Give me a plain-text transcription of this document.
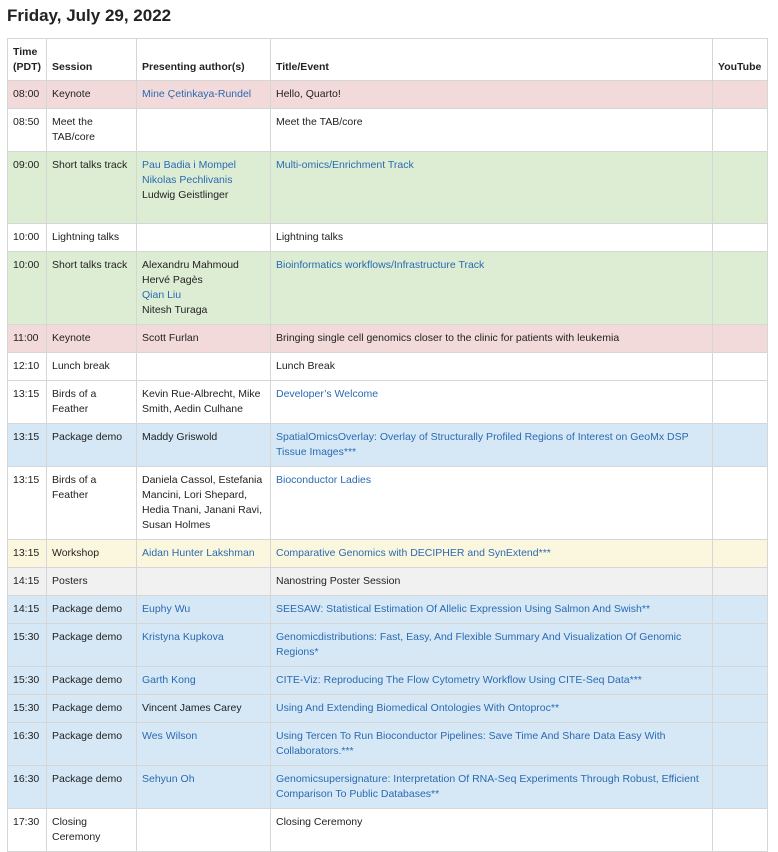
Friday, July 29, 2022
Time (PDT)	Session	Presenting author(s)	Title/Event	YouTube
08:00	Keynote	Mine Çetinkaya-Rundel	Hello, Quarto!	
08:50	Meet the TAB/core		Meet the TAB/core	
09:00	Short talks track	Pau Badia i Mompel
Nikolas Pechlivanis
Ludwig Geistlinger	Multi-omics/Enrichment Track	
10:00	Lightning talks		Lightning talks	
10:00	Short talks track	Alexandru Mahmoud
Hervé Pagès
Qian Liu
Nitesh Turaga	Bioinformatics workflows/Infrastructure Track	
11:00	Keynote	Scott Furlan	Bringing single cell genomics closer to the clinic for patients with leukemia	
12:10	Lunch break		Lunch Break	
13:15	Birds of a Feather	Kevin Rue-Albrecht, Mike Smith, Aedin Culhane	Developer’s Welcome	
13:15	Package demo	Maddy Griswold	SpatialOmicsOverlay: Overlay of Structurally Profiled Regions of Interest on GeoMx DSP Tissue Images***	
13:15	Birds of a Feather	Daniela Cassol, Estefania Mancini, Lori Shepard, Hedia Tnani, Janani Ravi, Susan Holmes	Bioconductor Ladies	
13:15	Workshop	Aidan Hunter Lakshman	Comparative Genomics with DECIPHER and SynExtend***	
14:15	Posters		Nanostring Poster Session	
14:15	Package demo	Euphy Wu	SEESAW: Statistical Estimation Of Allelic Expression Using Salmon And Swish**	
15:30	Package demo	Kristyna Kupkova	Genomicdistributions: Fast, Easy, And Flexible Summary And Visualization Of Genomic Regions*	
15:30	Package demo	Garth Kong	CITE-Viz: Reproducing The Flow Cytometry Workflow Using CITE-Seq Data***	
15:30	Package demo	Vincent James Carey	Using And Extending Biomedical Ontologies With Ontoproc**	
16:30	Package demo	Wes Wilson	Using Tercen To Run Bioconductor Pipelines: Save Time And Share Data Easy With Collaborators.***	
16:30	Package demo	Sehyun Oh	Genomicsupersignature: Interpretation Of RNA-Seq Experiments Through Robust, Efficient Comparison To Public Databases**	
17:30	Closing Ceremony		Closing Ceremony	
